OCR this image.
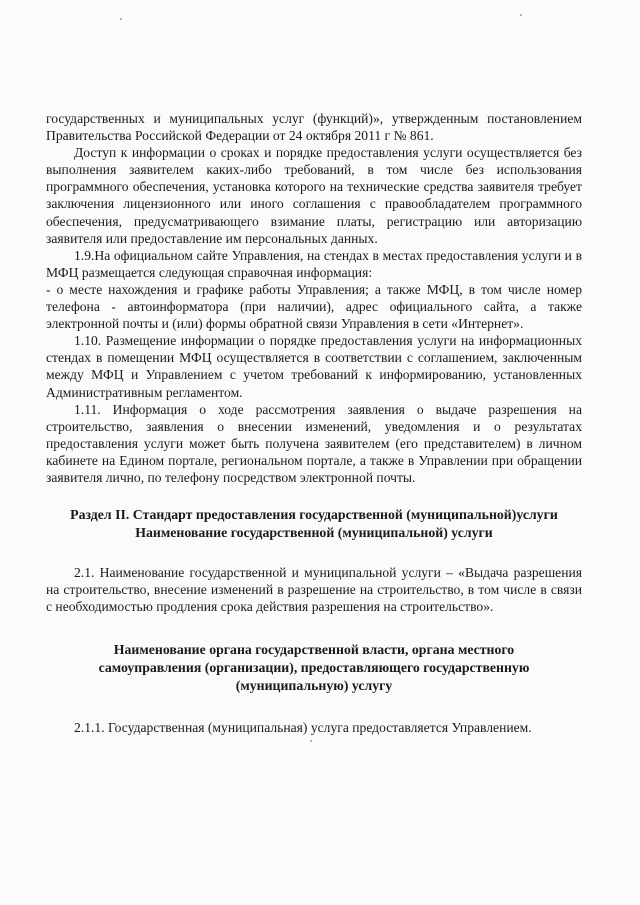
государственных и муниципальных услуг (функций)», утвержденным постановлением Правительства Российской Федерации от 24 октября 2011 г № 861.

Доступ к информации о сроках и порядке предоставления услуги осуществляется без выполнения заявителем каких-либо требований, в том числе без использования программного обеспечения, установка которого на технические средства заявителя требует заключения лицензионного или иного соглашения с правообладателем программного обеспечения, предусматривающего взимание платы, регистрацию или авторизацию заявителя или предоставление им персональных данных.

1.9.На официальном сайте Управления, на стендах в местах предоставления услуги и в МФЦ размещается следующая справочная информация:

- о месте нахождения и графике работы Управления; а также МФЦ, в том числе номер телефона - автоинформатора (при наличии), адрес официального сайта, а также электронной почты и (или) формы обратной связи Управления в сети «Интернет».

1.10. Размещение информации о порядке предоставления услуги на информационных стендах в помещении МФЦ осуществляется в соответствии с соглашением, заключенным между МФЦ и Управлением с учетом требований к информированию, установленных Административным регламентом.

1.11. Информация о ходе рассмотрения заявления о выдаче разрешения на строительство, заявления о внесении изменений, уведомления и о результатах предоставления услуги может быть получена заявителем (его представителем) в личном кабинете на Едином портале, региональном портале, а также в Управлении при обращении заявителя лично, по телефону посредством электронной почты.

Раздел II. Стандарт предоставления государственной (муниципальной)услуги
Наименование государственной (муниципальной) услуги

2.1. Наименование государственной и муниципальной услуги – «Выдача разрешения на строительство, внесение изменений в разрешение на строительство, в том числе в связи с необходимостью продления срока действия разрешения на строительство».

Наименование органа государственной власти, органа местного самоуправления (организации), предоставляющего государственную (муниципальную) услугу

2.1.1. Государственная (муниципальная) услуга предоставляется Управлением.
